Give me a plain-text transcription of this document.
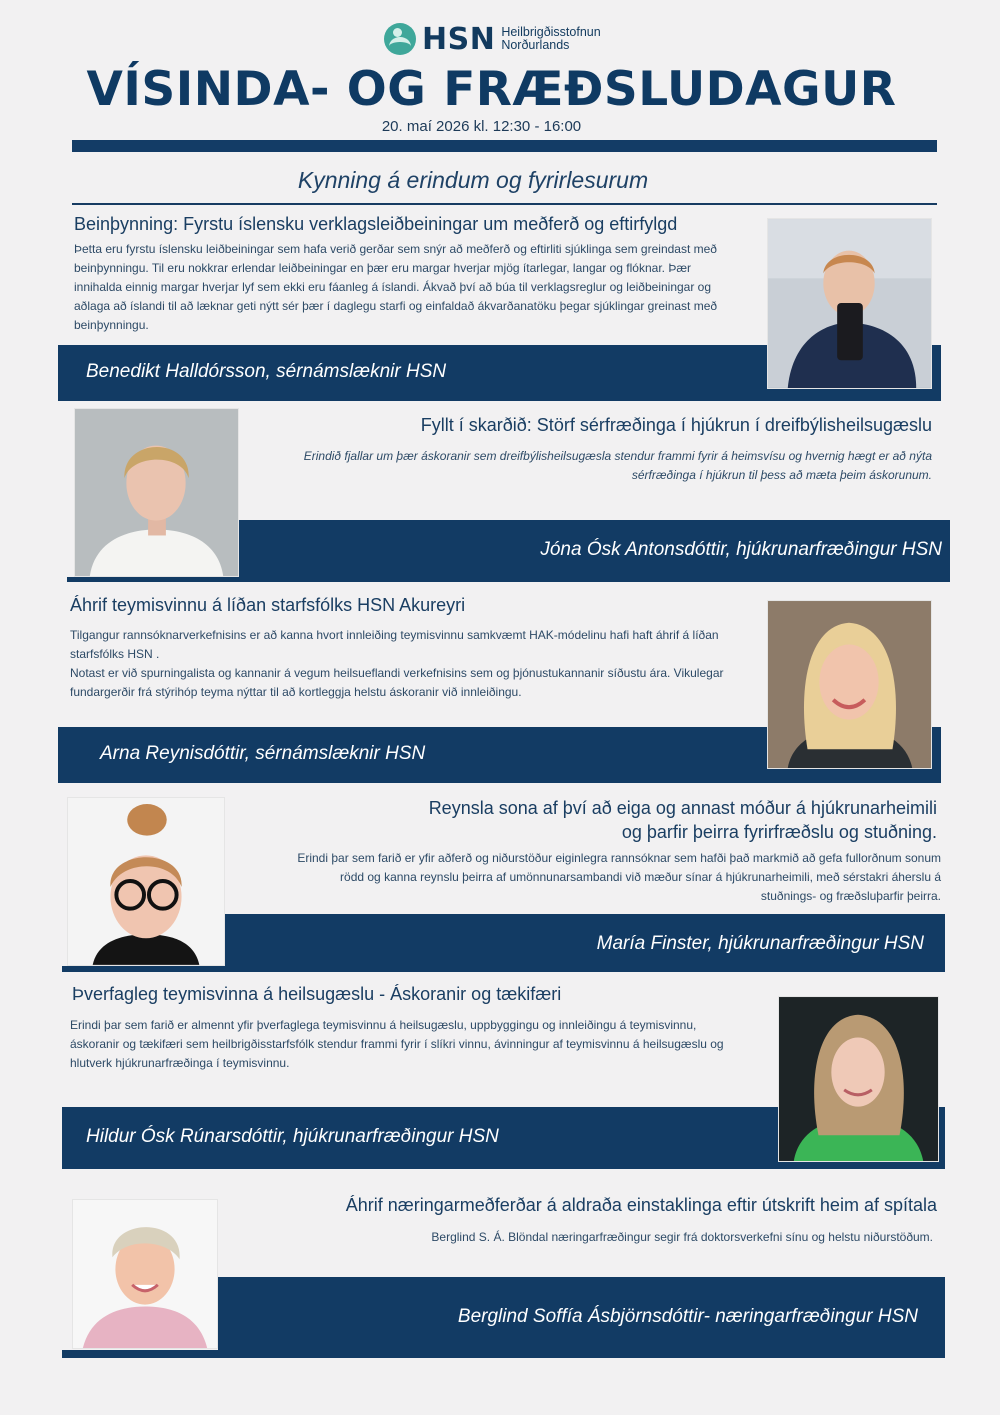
HSN Heilbrigðisstofnun
Norðurlands
VÍSINDA- OG FRÆÐSLUDAGUR
20. maí 2026 kl. 12:30 - 16:00
Kynning á erindum og fyrirlesurum
Beinþynning: Fyrstu íslensku verklagsleiðbeiningar um meðferð og eftirfylgd

Þetta eru fyrstu íslensku leiðbeiningar sem hafa verið gerðar sem snýr að meðferð og eftirliti sjúklinga sem greindast með beinþynningu. Til eru nokkrar erlendar leiðbeiningar en þær eru margar hverjar mjög ítarlegar, langar og flóknar. Þær innihalda einnig margar hverjar lyf sem ekki eru fáanleg á íslandi. Ákvað því að búa til verklagsreglur og leiðbeiningar og aðlaga að íslandi til að læknar geti nýtt sér þær í daglegu starfi og einfaldað ákvarðanatöku þegar sjúklingar greinast með beinþynningu.

Benedikt Halldórsson, sérnámslæknir HSN
Fyllt í skarðið: Störf sérfræðinga í hjúkrun í dreifbýlisheilsugæslu

Erindið fjallar um þær áskoranir sem dreifbýlisheilsugæsla stendur frammi fyrir á heimsvísu og hvernig hægt er að nýta sérfræðinga í hjúkrun til þess að mæta þeim áskorunum.

Jóna Ósk Antonsdóttir, hjúkrunarfræðingur HSN
Áhrif teymisvinnu á líðan starfsfólks HSN Akureyri

Tilgangur rannsóknarverkefnisins er að kanna hvort innleiðing teymisvinnu samkvæmt HAK-módelinu hafi haft áhrif á líðan starfsfólks HSN .

Notast er við spurningalista og kannanir á vegum heilsueflandi verkefnisins sem og þjónustukannanir síðustu ára. Vikulegar fundargerðir frá stýrihóp teyma nýttar til að kortleggja helstu áskoranir við innleiðingu.

Arna Reynisdóttir, sérnámslæknir HSN
Reynsla sona af því að eiga og annast móður á hjúkrunarheimili
og þarfir þeirra fyrirfræðslu og stuðning.

Erindi þar sem farið er yfir aðferð og niðurstöður eiginlegra rannsóknar sem hafði það markmið að gefa fullorðnum sonum rödd og kanna reynslu þeirra af umönnunarsambandi við mæður sínar á hjúkrunarheimili, með sérstakri áherslu á stuðnings- og fræðsluþarfir þeirra.

María Finster, hjúkrunarfræðingur HSN
Þverfagleg teymisvinna á heilsugæslu - Áskoranir og tækifæri

Erindi þar sem farið er almennt yfir þverfaglega teymisvinnu á heilsugæslu, uppbyggingu og innleiðingu á teymisvinnu, áskoranir og tækifæri sem heilbrigðisstarfsfólk stendur frammi fyrir í slíkri vinnu, ávinningur af teymisvinnu á heilsugæslu og hlutverk hjúkrunarfræðinga í teymisvinnu.

Hildur Ósk Rúnarsdóttir, hjúkrunarfræðingur HSN
Áhrif næringarmeðferðar á aldraða einstaklinga eftir útskrift heim af spítala

Berglind S. Á. Blöndal næringarfræðingur segir frá doktorsverkefni sínu og helstu niðurstöðum.

Berglind Soffía Ásbjörnsdóttir- næringarfræðingur HSN
